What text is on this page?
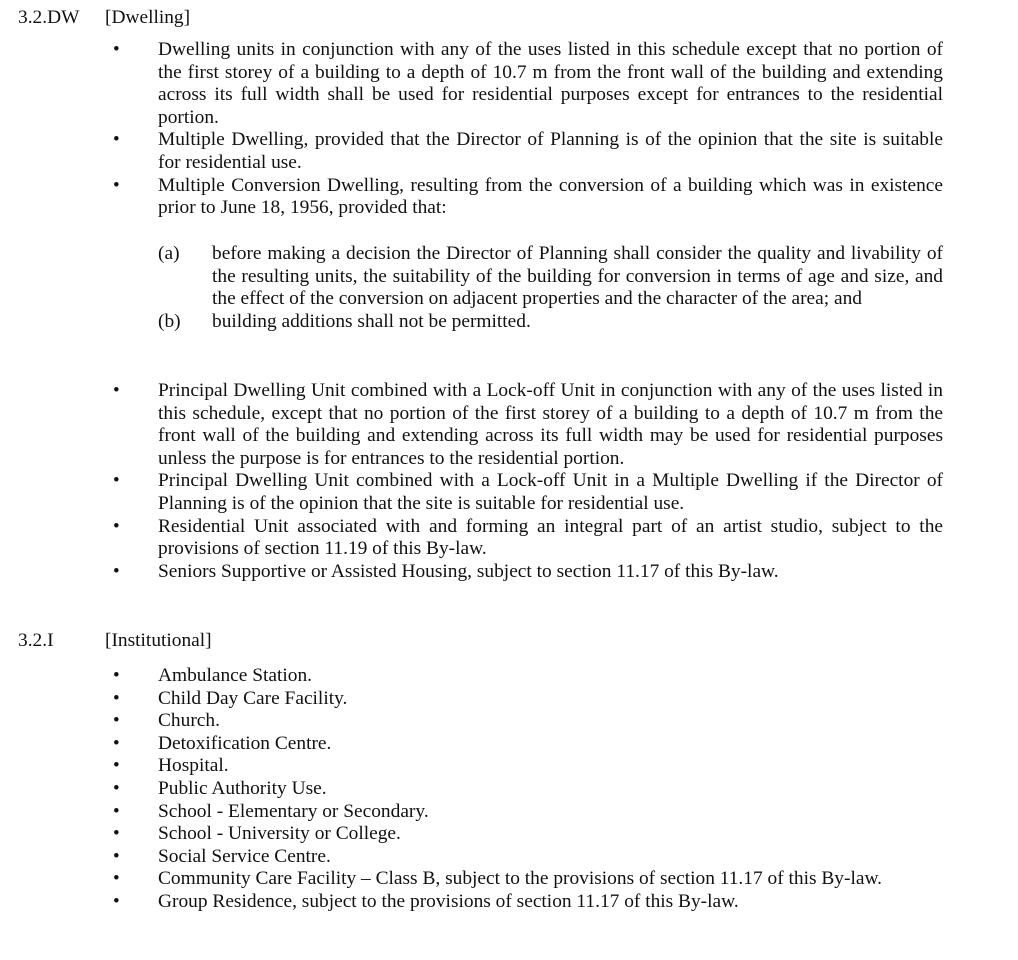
3.2.DW [Dwelling]
• Dwelling units in conjunction with any of the uses listed in this schedule except that no portion of the first storey of a building to a depth of 10.7 m from the front wall of the building and extending across its full width shall be used for residential purposes except for entrances to the residential portion.
• Multiple Dwelling, provided that the Director of Planning is of the opinion that the site is suitable for residential use.
• Multiple Conversion Dwelling, resulting from the conversion of a building which was in existence prior to June 18, 1956, provided that:
(a) before making a decision the Director of Planning shall consider the quality and livability of the resulting units, the suitability of the building for conversion in terms of age and size, and the effect of the conversion on adjacent properties and the character of the area; and
(b) building additions shall not be permitted.
• Principal Dwelling Unit combined with a Lock-off Unit in conjunction with any of the uses listed in this schedule, except that no portion of the first storey of a building to a depth of 10.7 m from the front wall of the building and extending across its full width may be used for residential purposes unless the purpose is for entrances to the residential portion.
• Principal Dwelling Unit combined with a Lock-off Unit in a Multiple Dwelling if the Director of Planning is of the opinion that the site is suitable for residential use.
• Residential Unit associated with and forming an integral part of an artist studio, subject to the provisions of section 11.19 of this By-law.
• Seniors Supportive or Assisted Housing, subject to section 11.17 of this By-law.
3.2.I	[Institutional]
• Ambulance Station.
• Child Day Care Facility.
• Church.
• Detoxification Centre.
• Hospital.
• Public Authority Use.
• School - Elementary or Secondary.
• School - University or College.
• Social Service Centre.
• Community Care Facility – Class B, subject to the provisions of section 11.17 of this By-law.
• Group Residence, subject to the provisions of section 11.17 of this By-law.
